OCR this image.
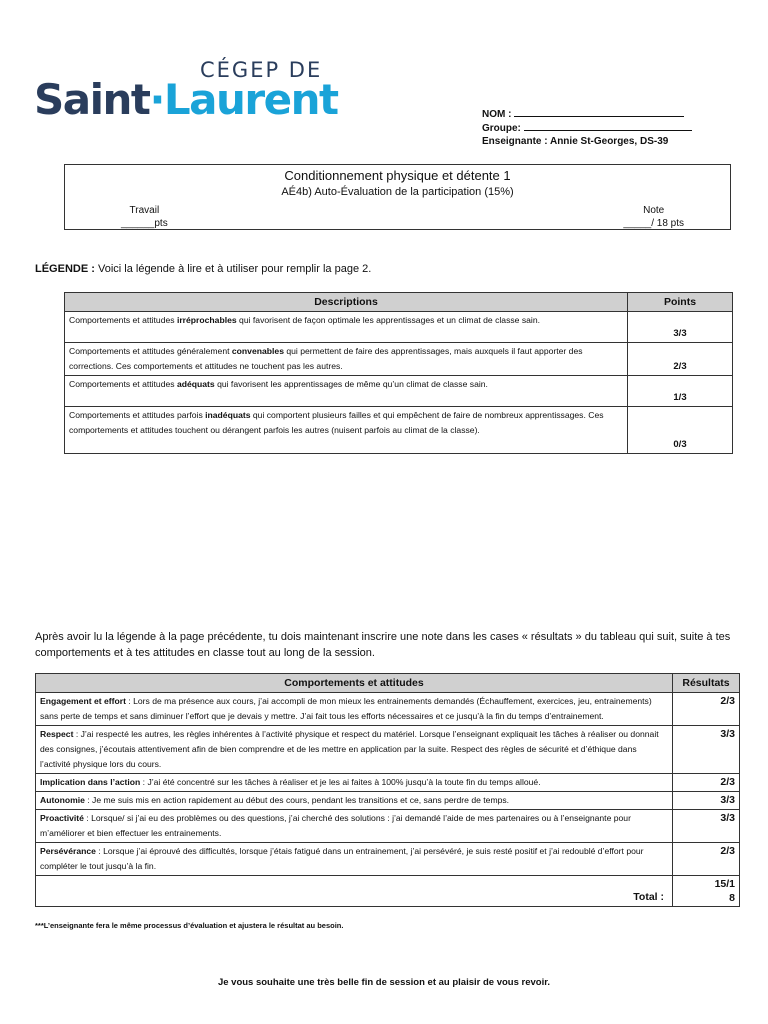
CÉGEP DE
Saint·Laurent	NOM :
Groupe:
Enseignante : Annie St-Georges, DS-39
Conditionnement physique et détente 1
AÉ4b) Auto-Évaluation de la participation (15%)
Travail
______pts
Note
_____/ 18 pts
LÉGENDE : Voici la légende à lire et à utiliser pour remplir la page 2.
Descriptions	Points
Comportements et attitudes irréprochables qui favorisent de façon optimale les apprentissages et un climat de classe sain.	3/3
Comportements et attitudes généralement convenables qui permettent de faire des apprentissages, mais auxquels il faut apporter des corrections. Ces comportements et attitudes ne touchent pas les autres.	2/3
Comportements et attitudes adéquats qui favorisent les apprentissages de même qu’un climat de classe sain.	1/3
Comportements et attitudes parfois inadéquats qui comportent plusieurs failles et qui empêchent de faire de nombreux apprentissages. Ces comportements et attitudes touchent ou dérangent parfois les autres (nuisent parfois au climat de la classe).	0/3
Après avoir lu la légende à la page précédente, tu dois maintenant inscrire une note dans les cases « résultats » du tableau qui suit, suite à tes comportements et à tes attitudes en classe tout au long de la session.
Comportements et attitudes	Résultats
Engagement et effort : Lors de ma présence aux cours, j’ai accompli de mon mieux les entrainements demandés (Échauffement, exercices, jeu, entrainements) sans perte de temps et sans diminuer l’effort que je devais y mettre. J’ai fait tous les efforts nécessaires et ce jusqu’à la fin du temps d’entrainement.	2/3
Respect : J’ai respecté les autres, les règles inhérentes à l’activité physique et respect du matériel. Lorsque l’enseignant expliquait les tâches à réaliser ou donnait des consignes, j’écoutais attentivement afin de bien comprendre et de les mettre en application par la suite. Respect des règles de sécurité et d’éthique dans l’activité physique lors du cours.	3/3
Implication dans l’action : J’ai été concentré sur les tâches à réaliser et je les ai faites à 100% jusqu’à la toute fin du temps alloué.	2/3
Autonomie : Je me suis mis en action rapidement au début des cours, pendant les transitions et ce, sans perdre de temps.	3/3
Proactivité : Lorsque/ si j’ai eu des problèmes ou des questions, j’ai cherché des solutions : j’ai demandé l’aide de mes partenaires ou à l’enseignante pour m’améliorer et bien effectuer les entrainements.	3/3
Persévérance : Lorsque j’ai éprouvé des difficultés, lorsque j’étais fatigué dans un entrainement, j’ai persévéré, je suis resté positif et j’ai redoublé d’effort pour compléter le tout jusqu’à la fin.	2/3
Total :	15/1
8
***L’enseignante fera le même processus d’évaluation et ajustera le résultat au besoin.
Je vous souhaite une très belle fin de session et au plaisir de vous revoir.
